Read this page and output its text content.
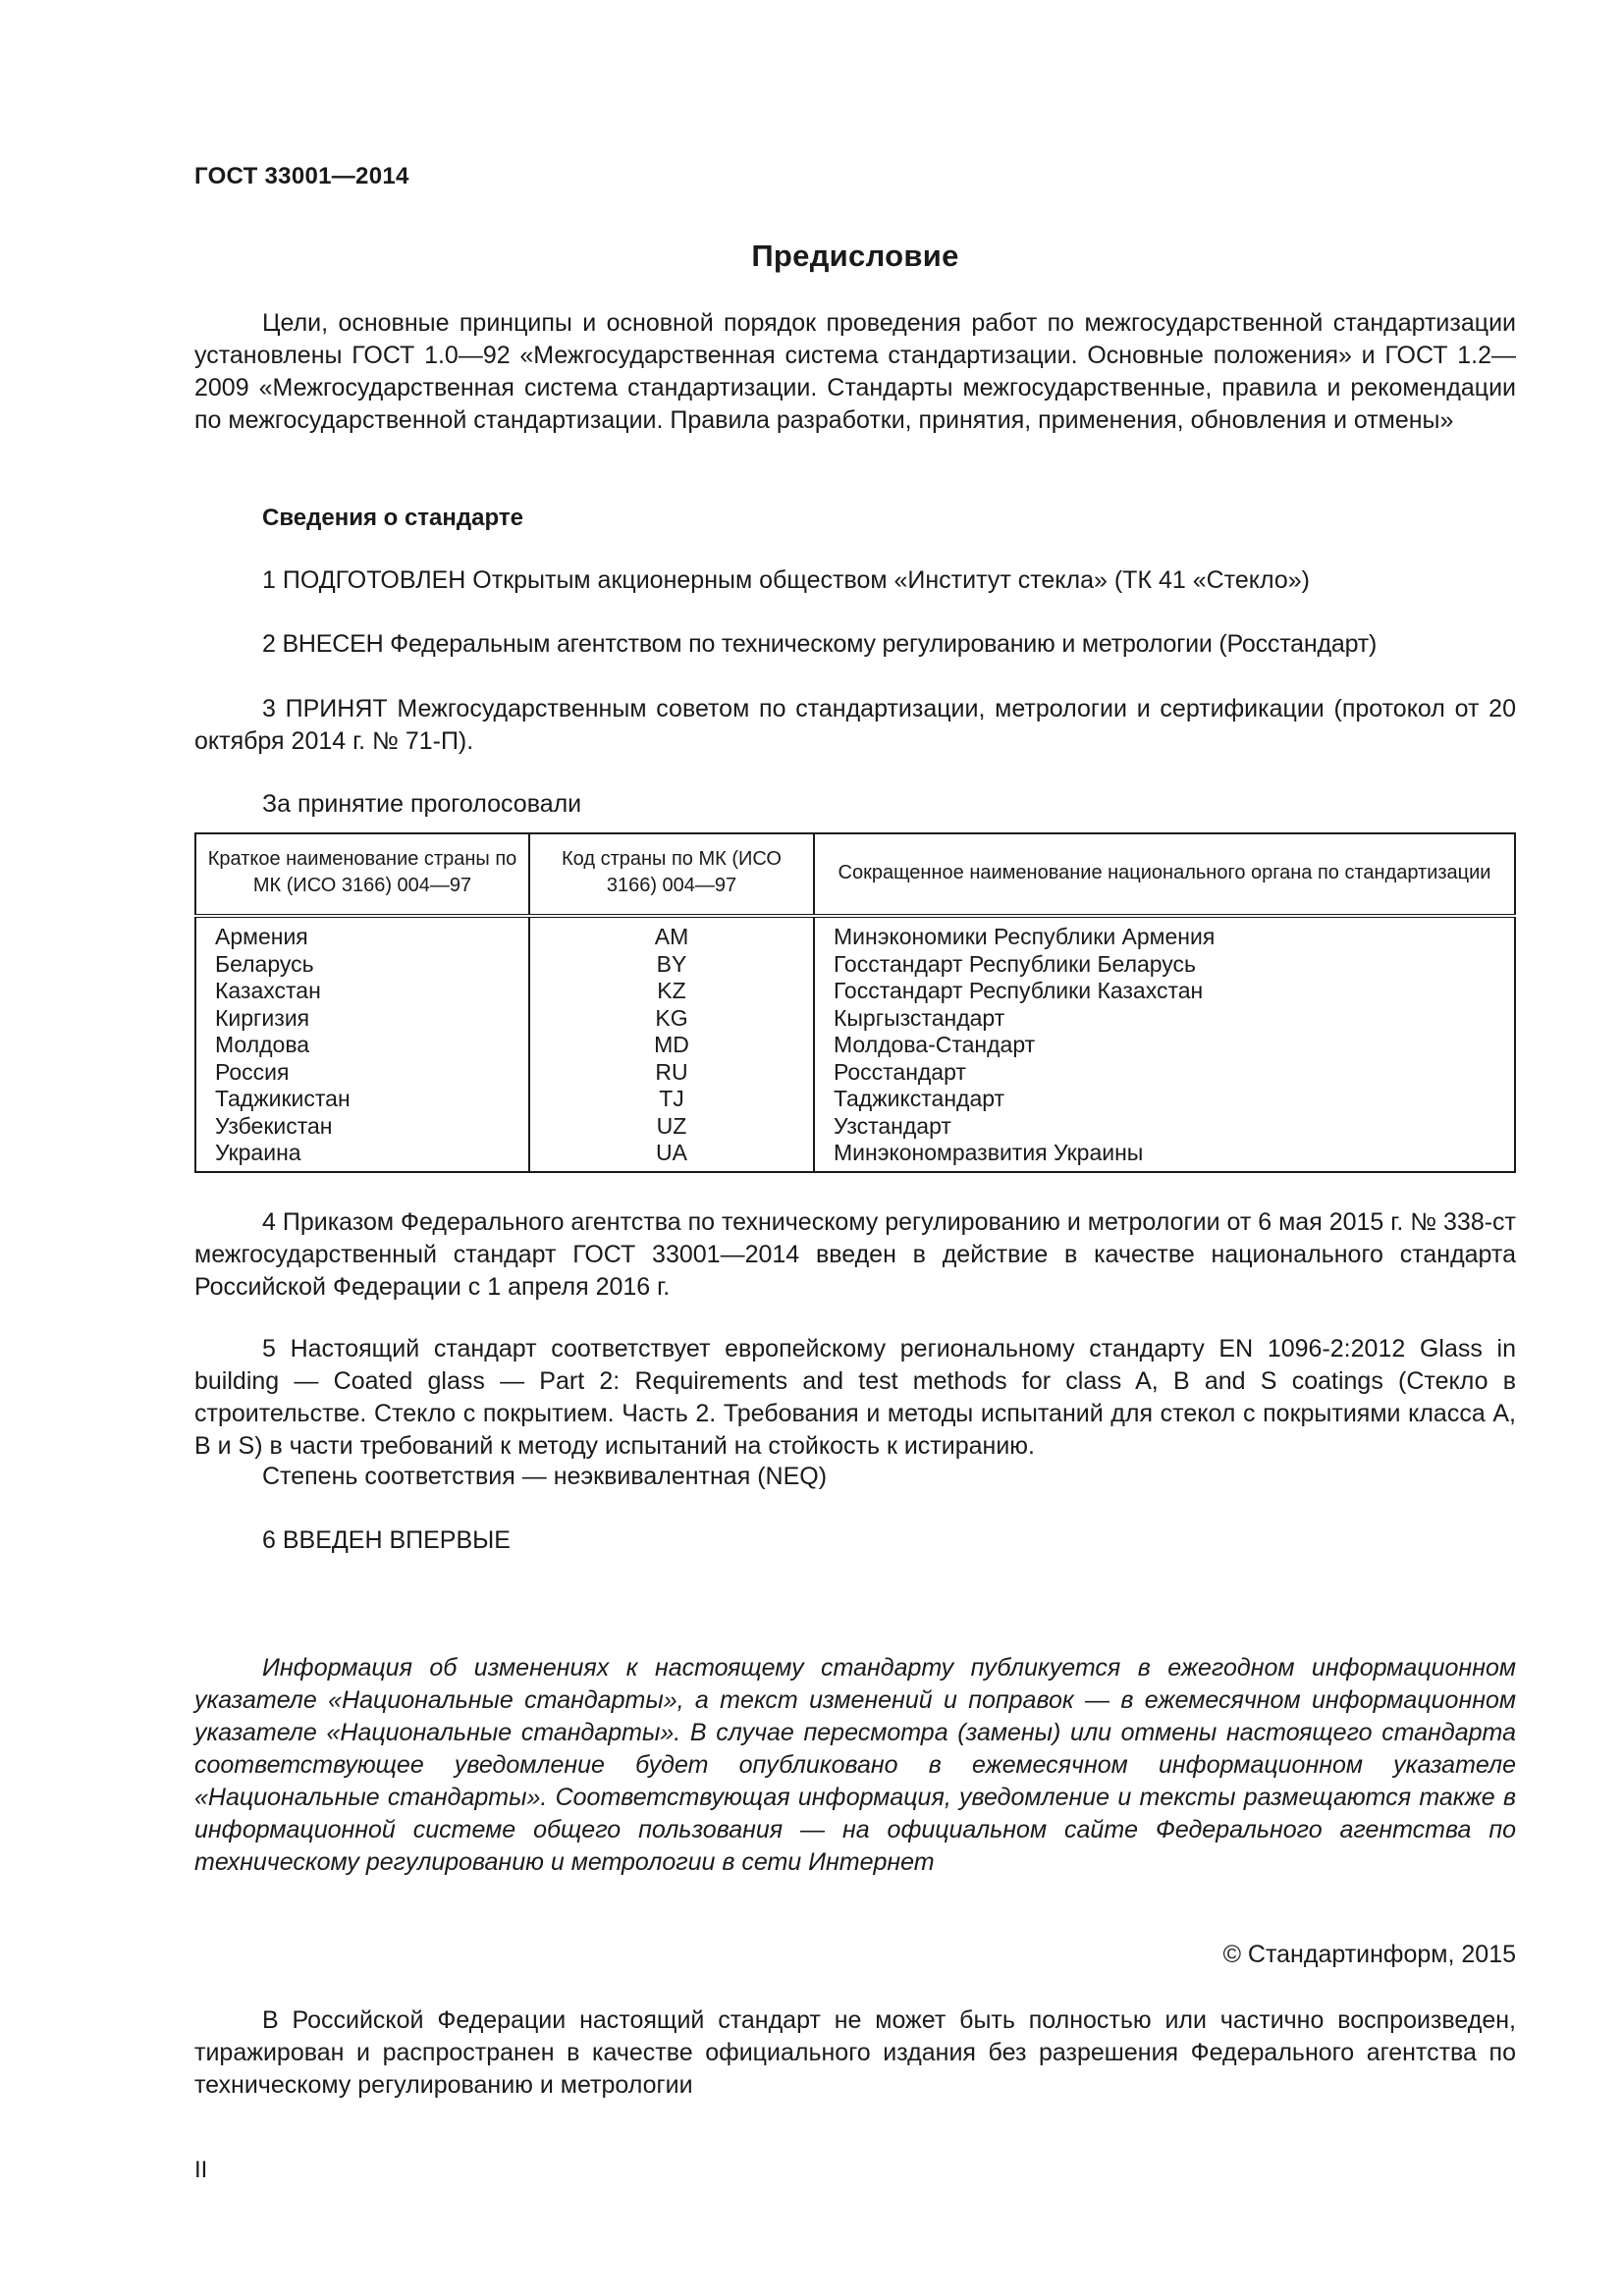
ГОСТ 33001—2014
Предисловие

Цели, основные принципы и основной порядок проведения работ по межгосударственной стандартизации установлены ГОСТ 1.0—92 «Межгосударственная система стандартизации. Основные положения» и ГОСТ 1.2—2009 «Межгосударственная система стандартизации. Стандарты межгосударственные, правила и рекомендации по межгосударственной стандартизации. Правила разработки, принятия, применения, обновления и отмены»

Сведения о стандарте

1 ПОДГОТОВЛЕН Открытым акционерным обществом «Институт стекла» (ТК 41 «Стекло»)

2 ВНЕСЕН Федеральным агентством по техническому регулированию и метрологии (Росстандарт)

3 ПРИНЯТ Межгосударственным советом по стандартизации, метрологии и сертификации (протокол от 20 октября 2014 г. № 71-П).

За принятие проголосовали
Краткое наименование страны по МК (ИСО 3166) 004—97	Код страны по МК (ИСО 3166) 004—97	Сокращенное наименование национального органа по стандартизации
Армения	AM	Минэкономики Республики Армения
Беларусь	BY	Госстандарт Республики Беларусь
Казахстан	KZ	Госстандарт Республики Казахстан
Киргизия	KG	Кыргызстандарт
Молдова	MD	Молдова-Стандарт
Россия	RU	Росстандарт
Таджикистан	TJ	Таджикстандарт
Узбекистан	UZ	Узстандарт
Украина	UA	Минэкономразвития Украины

4 Приказом Федерального агентства по техническому регулированию и метрологии от 6 мая 2015 г. № 338-ст межгосударственный стандарт ГОСТ 33001—2014 введен в действие в качестве национального стандарта Российской Федерации с 1 апреля 2016 г.

5 Настоящий стандарт соответствует европейскому региональному стандарту EN 1096-2:2012 Glass in building — Coated glass — Part 2: Requirements and test methods for class A, B and S coatings (Стекло в строительстве. Стекло с покрытием. Часть 2. Требования и методы испытаний для стекол с покрытиями класса A, B и S) в части требований к методу испытаний на стойкость к истиранию.

Степень соответствия — неэквивалентная (NEQ)

6 ВВЕДЕН ВПЕРВЫЕ

Информация об изменениях к настоящему стандарту публикуется в ежегодном информационном указателе «Национальные стандарты», а текст изменений и поправок — в ежемесячном информационном указателе «Национальные стандарты». В случае пересмотра (замены) или отмены настоящего стандарта соответствующее уведомление будет опубликовано в ежемесячном информационном указателе «Национальные стандарты». Соответствующая информация, уведомление и тексты размещаются также в информационной системе общего пользования — на официальном сайте Федерального агентства по техническому регулированию и метрологии в сети Интернет

© Стандартинформ, 2015

В Российской Федерации настоящий стандарт не может быть полностью или частично воспроизведен, тиражирован и распространен в качестве официального издания без разрешения Федерального агентства по техническому регулированию и метрологии

II
